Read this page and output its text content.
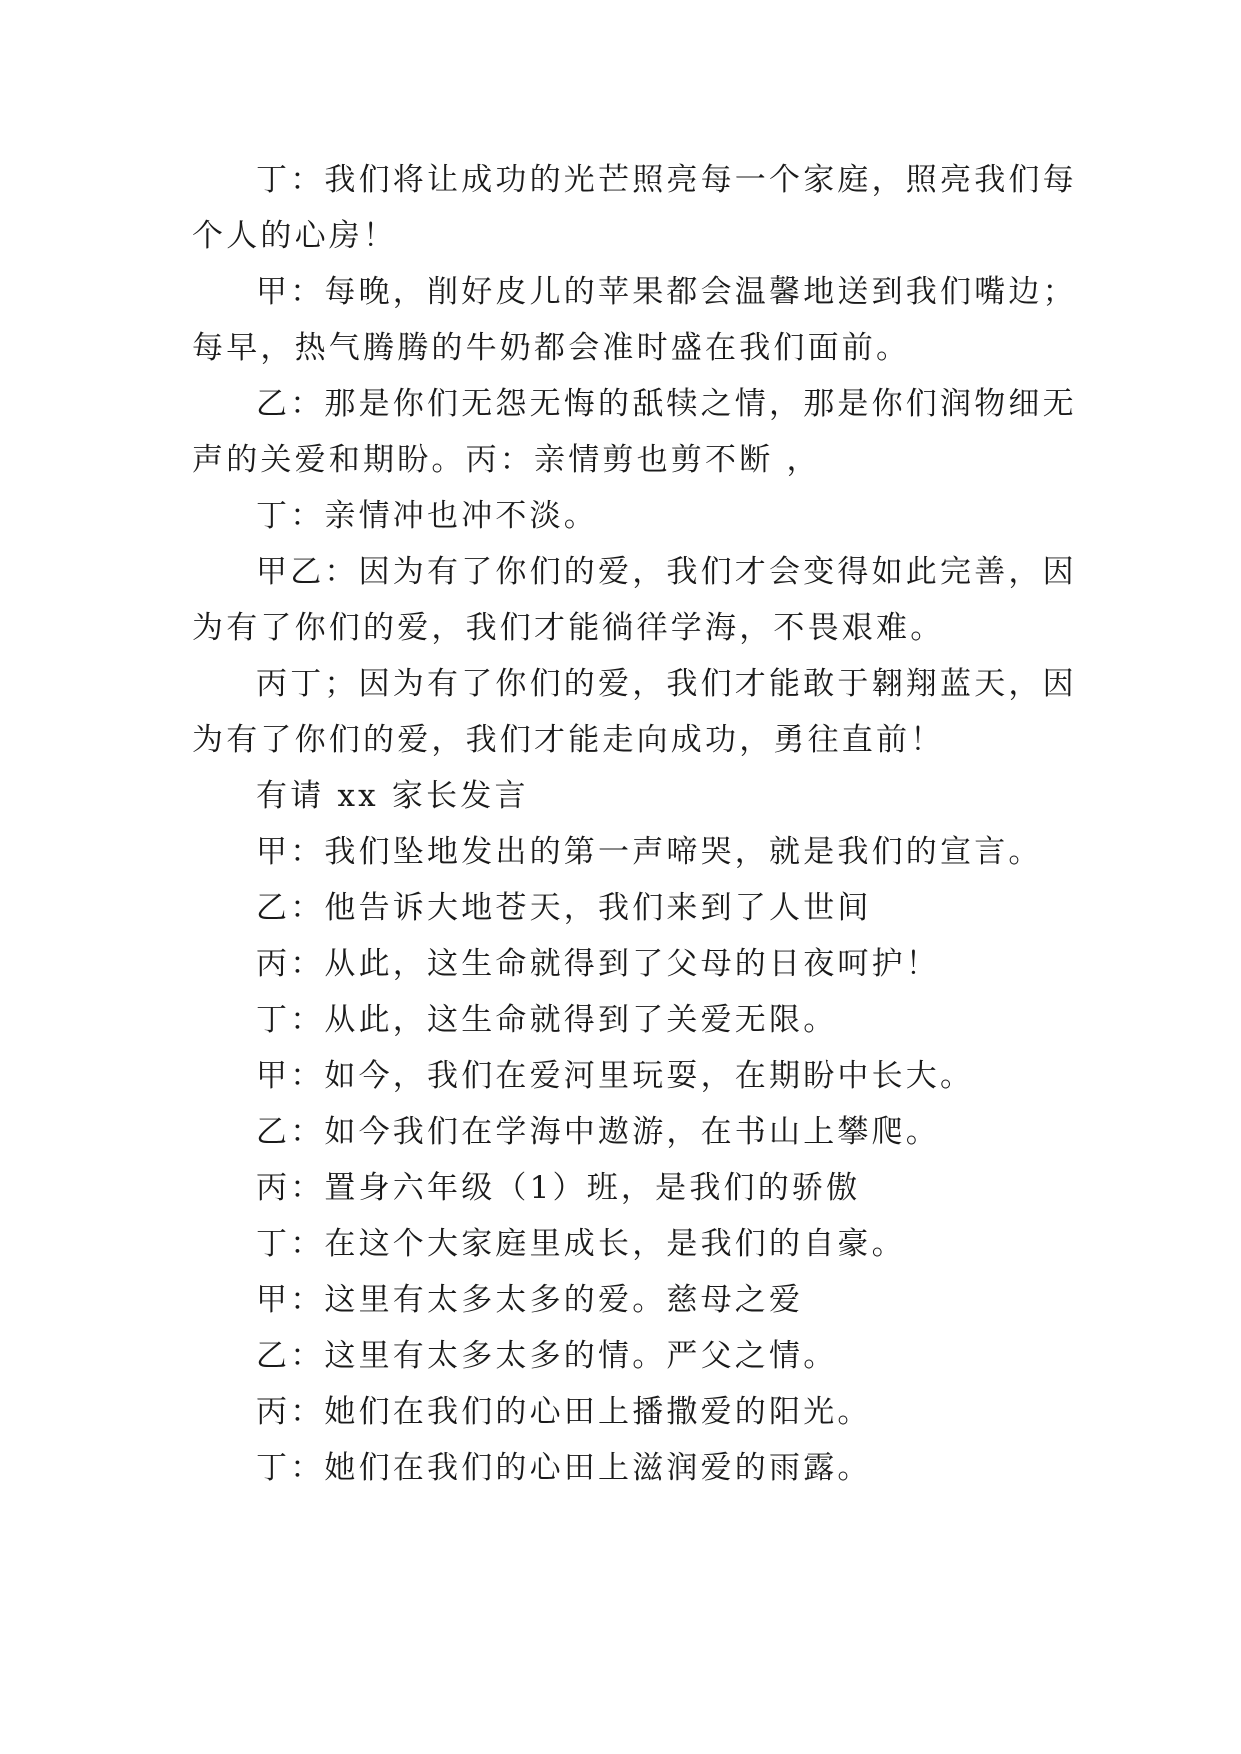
丁：我们将让成功的光芒照亮每一个家庭，照亮我们每
个人的心房！
甲：每晚，削好皮儿的苹果都会温馨地送到我们嘴边；
每早，热气腾腾的牛奶都会准时盛在我们面前。
乙：那是你们无怨无悔的舐犊之情，那是你们润物细无
声的关爱和期盼。丙：亲情剪也剪不断 ，
丁：亲情冲也冲不淡。
甲乙：因为有了你们的爱，我们才会变得如此完善，因
为有了你们的爱，我们才能徜徉学海，不畏艰难。
丙丁；因为有了你们的爱，我们才能敢于翱翔蓝天，因
为有了你们的爱，我们才能走向成功，勇往直前！
有请 xx 家长发言
甲：我们坠地发出的第一声啼哭，就是我们的宣言。
乙：他告诉大地苍天，我们来到了人世间
丙：从此，这生命就得到了父母的日夜呵护！
丁：从此，这生命就得到了关爱无限。
甲：如今，我们在爱河里玩耍，在期盼中长大。
乙：如今我们在学海中遨游，在书山上攀爬。
丙：置身六年级（1）班，是我们的骄傲
丁：在这个大家庭里成长，是我们的自豪。
甲：这里有太多太多的爱。慈母之爱
乙：这里有太多太多的情。严父之情。
丙：她们在我们的心田上播撒爱的阳光。
丁：她们在我们的心田上滋润爱的雨露。
